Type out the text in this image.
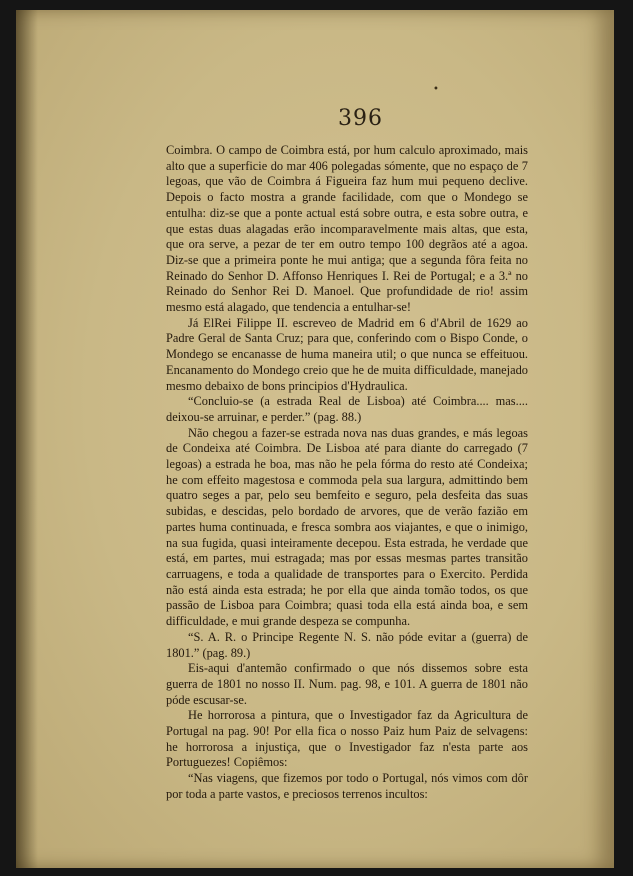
•
396

Coimbra. O campo de Coimbra está, por hum calculo aproximado, mais alto que a superficie do mar 406 polegadas sómente, que no espaço de 7 legoas, que vão de Coimbra á Figueira faz hum mui pequeno declive. Depois o facto mostra a grande facilidade, com que o Mondego se entulha: diz-se que a ponte actual está sobre outra, e esta sobre outra, e que estas duas alagadas erão incomparavelmente mais altas, que esta, que ora serve, a pezar de ter em outro tempo 100 degrãos até a agoa. Diz-se que a primeira ponte he mui antiga; que a segunda fôra feita no Reinado do Senhor D. Affonso Henriques I. Rei de Portugal; e a 3.ª no Reinado do Senhor Rei D. Manoel. Que profundidade de rio! assim mesmo está alagado, que tendencia a entulhar-se!

Já ElRei Filippe II. escreveo de Madrid em 6 d'Abril de 1629 ao Padre Geral de Santa Cruz; para que, conferindo com o Bispo Conde, o Mondego se encanasse de huma maneira util; o que nunca se effeituou. Encanamento do Mondego creio que he de muita difficuldade, manejado mesmo debaixo de bons principios d'Hydraulica.

“Concluio-se (a estrada Real de Lisboa) até Coimbra.... mas.... deixou-se arruinar, e perder.” (pag. 88.)

Não chegou a fazer-se estrada nova nas duas grandes, e más legoas de Condeixa até Coimbra. De Lisboa até para diante do carregado (7 legoas) a estrada he boa, mas não he pela fórma do resto até Condeixa; he com effeito magestosa e commoda pela sua largura, admittindo bem quatro seges a par, pelo seu bemfeito e seguro, pela desfeita das suas subidas, e descidas, pelo bordado de arvores, que de verão fazião em partes huma continuada, e fresca sombra aos viajantes, e que o inimigo, na sua fugida, quasi inteiramente decepou. Esta estrada, he verdade que está, em partes, mui estragada; mas por essas mesmas partes transitão carruagens, e toda a qualidade de transportes para o Exercito. Perdida não está ainda esta estrada; he por ella que ainda tomão todos, os que passão de Lisboa para Coimbra; quasi toda ella está ainda boa, e sem difficuldade, e mui grande despeza se compunha.

“S. A. R. o Principe Regente N. S. não póde evitar a (guerra) de 1801.” (pag. 89.)

Eis-aqui d'antemão confirmado o que nós dissemos sobre esta guerra de 1801 no nosso II. Num. pag. 98, e 101. A guerra de 1801 não póde escusar-se.

He horrorosa a pintura, que o Investigador faz da Agricultura de Portugal na pag. 90! Por ella fica o nosso Paiz hum Paiz de selvagens: he horrorosa a injustiça, que o Investigador faz n'esta parte aos Portuguezes! Copiêmos:

“Nas viagens, que fizemos por todo o Portugal, nós vimos com dôr por toda a parte vastos, e preciosos terrenos incultos:
